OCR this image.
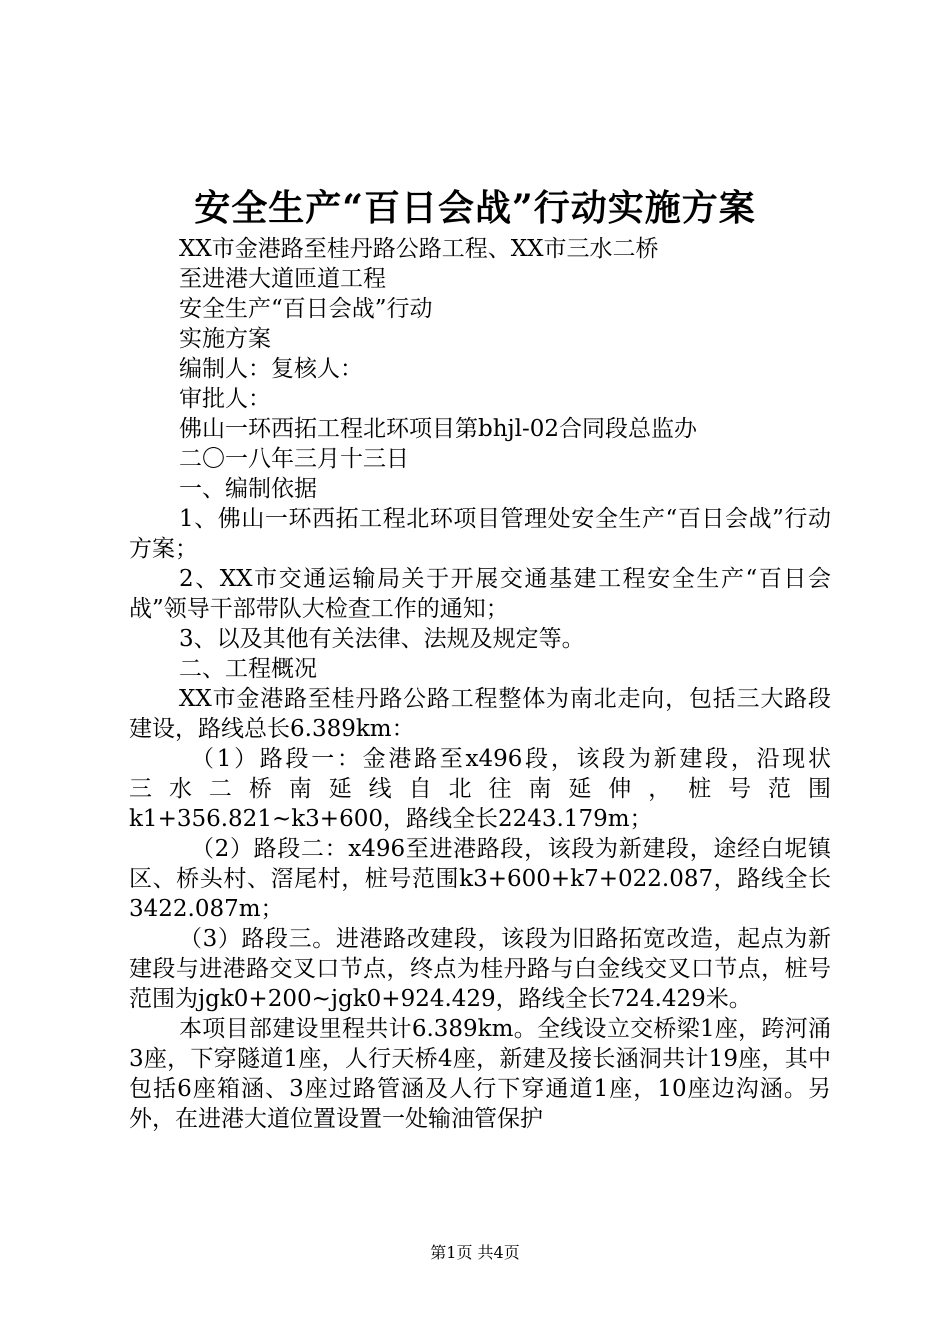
安全生产“百日会战”行动实施方案

XX市金港路至桂丹路公路工程、XX市三水二桥

至进港大道匝道工程

安全生产“百日会战”行动

实施方案

编制人：复核人：

审批人：

佛山一环西拓工程北环项目第bhjl-02合同段总监办

二〇一八年三月十三日

一、编制依据

1、佛山一环西拓工程北环项目管理处安全生产“百日会战”行动方案；

2、XX市交通运输局关于开展交通基建工程安全生产“百日会战”领导干部带队大检查工作的通知；

3、以及其他有关法律、法规及规定等。

二、工程概况

XX市金港路至桂丹路公路工程整体为南北走向，包括三大路段建设，路线总长6.389km：

（1）路段一：金港路至x496段，该段为新建段，沿现状
三水二桥南延线自北往南延伸，桩号范围

k1+356.821~k3+600，路线全长2243.179m；

（2）路段二：x496至进港路段，该段为新建段，途经白坭镇区、桥头村、滘尾村，桩号范围k3+600+k7+022.087，路线全长3422.087m；

（3）路段三。进港路改建段，该段为旧路拓宽改造，起点为新建段与进港路交叉口节点，终点为桂丹路与白金线交叉口节点，桩号范围为jgk0+200~jgk0+924.429，路线全长724.429米。

本项目部建设里程共计6.389km。全线设立交桥梁1座，跨河涌3座，下穿隧道1座，人行天桥4座，新建及接长涵洞共计19座，其中包括6座箱涵、3座过路管涵及人行下穿通道1座，10座边沟涵。另外，在进港大道位置设置一处输油管保护

第1页 共4页
